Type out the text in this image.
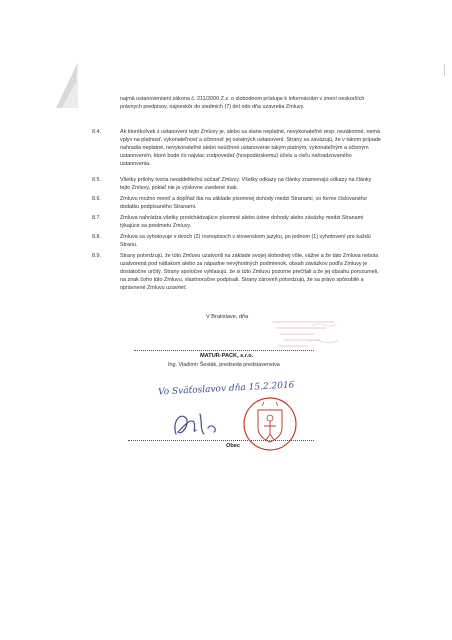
najmä ustanoveniami zákona č. 211/2000 Z.z. o slobodnom prístupe k informáciám v znení neskorších právnych predpisov, najneskôr do siedmich (7) dní odo dňa uzavretia Zmluvy.
8.4.	Ak ktorékoľvek z ustanovení tejto Zmluvy je, alebo sa stane neplatné, nevykonateľné resp. nezákonné, nemá vplyv na platnosť, vykonateľnosť a účinnosť jej ostatných ustanovení. Strany sa zaväzujú, že v takom prípade nahradia neplatné, nevykonateľné alebo neúčinné ustanovenie takým platným, vykonateľným a účinným ustanovením, ktoré bude čo najviac zodpovedať (hospodárskemu) účelu a cieľu nahradzovaného ustanovenia.
8.5.	Všetky prílohy tvoria neoddeliteľnú súčasť Zmluvy. Všetky odkazy na články znamenajú odkazy na články tejto Zmluvy, pokiaľ nie je výslovne uvedené inak.
8.6.	Zmluvu možno meniť a dopĺňať iba na základe písomnej dohody medzi Stranami, vo forme číslovaného dodatku podpísaného Stranami.
8.7.	Zmluva nahrádza všetky predchádzajúce písomné alebo ústne dohody alebo záväzky medzi Stranami týkajúce sa predmetu Zmluvy.
8.8.	Zmluva sa vyhotovuje v dvoch (2) rovnopisoch v slovenskom jazyku, po jednom (1) vyhotovení pre každú Stranu.
8.9.	Strany potvrdzujú, že túto Zmluvu uzatvorili na základe svojej slobodnej vôle, vážne a že táto Zmluva nebola uzatvorená pod nátlakom alebo za nápadne nevýhodných podmienok, obsah záväzkov podľa Zmluvy je dostatočne určitý. Strany spoločne vyhlasujú, že si túto Zmluvu pozorne prečítali a že jej obsahu porozumeli, na znak čoho túto Zmluvu, vlastnoručne podpísali. Strany zároveň potvrdzujú, že sa právo spôsobilé a oprávnené Zmluvu uzavrieť.
V Bratislave, dňa
MATUR-PACK, s.r.o.
Ing. Vladimír Šesták, predseda predstavenstva
Vo Sväťoslavov dňa 15.2.2016
Obec
